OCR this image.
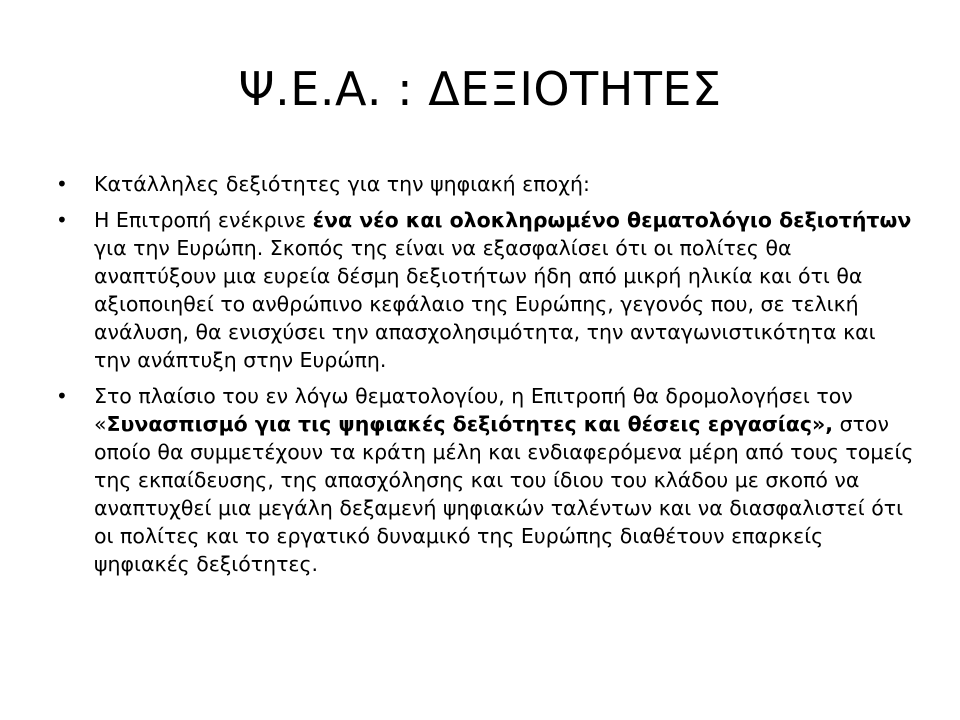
Ψ.Ε.Α. : ΔΕΞΙΟΤΗΤΕΣ
• Κατάλληλες δεξιότητες για την ψηφιακή εποχή:
• Η Επιτροπή ενέκρινε ένα νέο και ολοκληρωμένο θεματολόγιο δεξιοτήτων για την Ευρώπη. Σκοπός της είναι να εξασφαλίσει ότι οι πολίτες θα αναπτύξουν μια ευρεία δέσμη δεξιοτήτων ήδη από μικρή ηλικία και ότι θα αξιοποιηθεί το ανθρώπινο κεφάλαιο της Ευρώπης, γεγονός που, σε τελική ανάλυση, θα ενισχύσει την απασχολησιμότητα, την ανταγωνιστικότητα και την ανάπτυξη στην Ευρώπη.
• Στο πλαίσιο του εν λόγω θεματολογίου, η Επιτροπή θα δρομολογήσει τον «Συνασπισμό για τις ψηφιακές δεξιότητες και θέσεις εργασίας», στον οποίο θα συμμετέχουν τα κράτη μέλη και ενδιαφερόμενα μέρη από τους τομείς της εκπαίδευσης, της απασχόλησης και του ίδιου του κλάδου με σκοπό να αναπτυχθεί μια μεγάλη δεξαμενή ψηφιακών ταλέντων και να διασφαλιστεί ότι οι πολίτες και το εργατικό δυναμικό της Ευρώπης διαθέτουν επαρκείς ψηφιακές δεξιότητες.
